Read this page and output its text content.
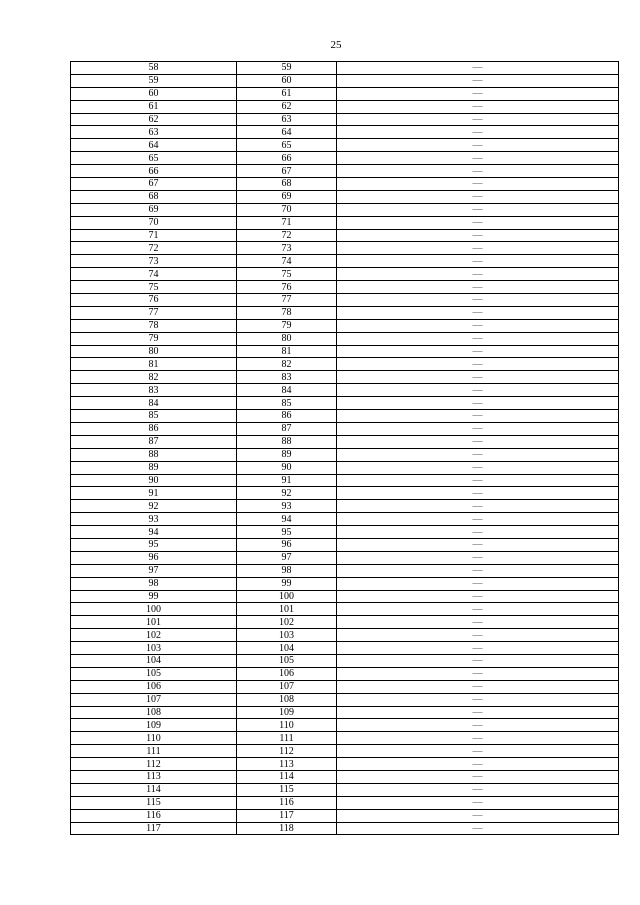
25
58	59	—
59	60	—
60	61	—
61	62	—
62	63	—
63	64	—
64	65	—
65	66	—
66	67	—
67	68	—
68	69	—
69	70	—
70	71	—
71	72	—
72	73	—
73	74	—
74	75	—
75	76	—
76	77	—
77	78	—
78	79	—
79	80	—
80	81	—
81	82	—
82	83	—
83	84	—
84	85	—
85	86	—
86	87	—
87	88	—
88	89	—
89	90	—
90	91	—
91	92	—
92	93	—
93	94	—
94	95	—
95	96	—
96	97	—
97	98	—
98	99	—
99	100	—
100	101	—
101	102	—
102	103	—
103	104	—
104	105	—
105	106	—
106	107	—
107	108	—
108	109	—
109	110	—
110	111	—
111	112	—
112	113	—
113	114	—
114	115	—
115	116	—
116	117	—
117	118	—
